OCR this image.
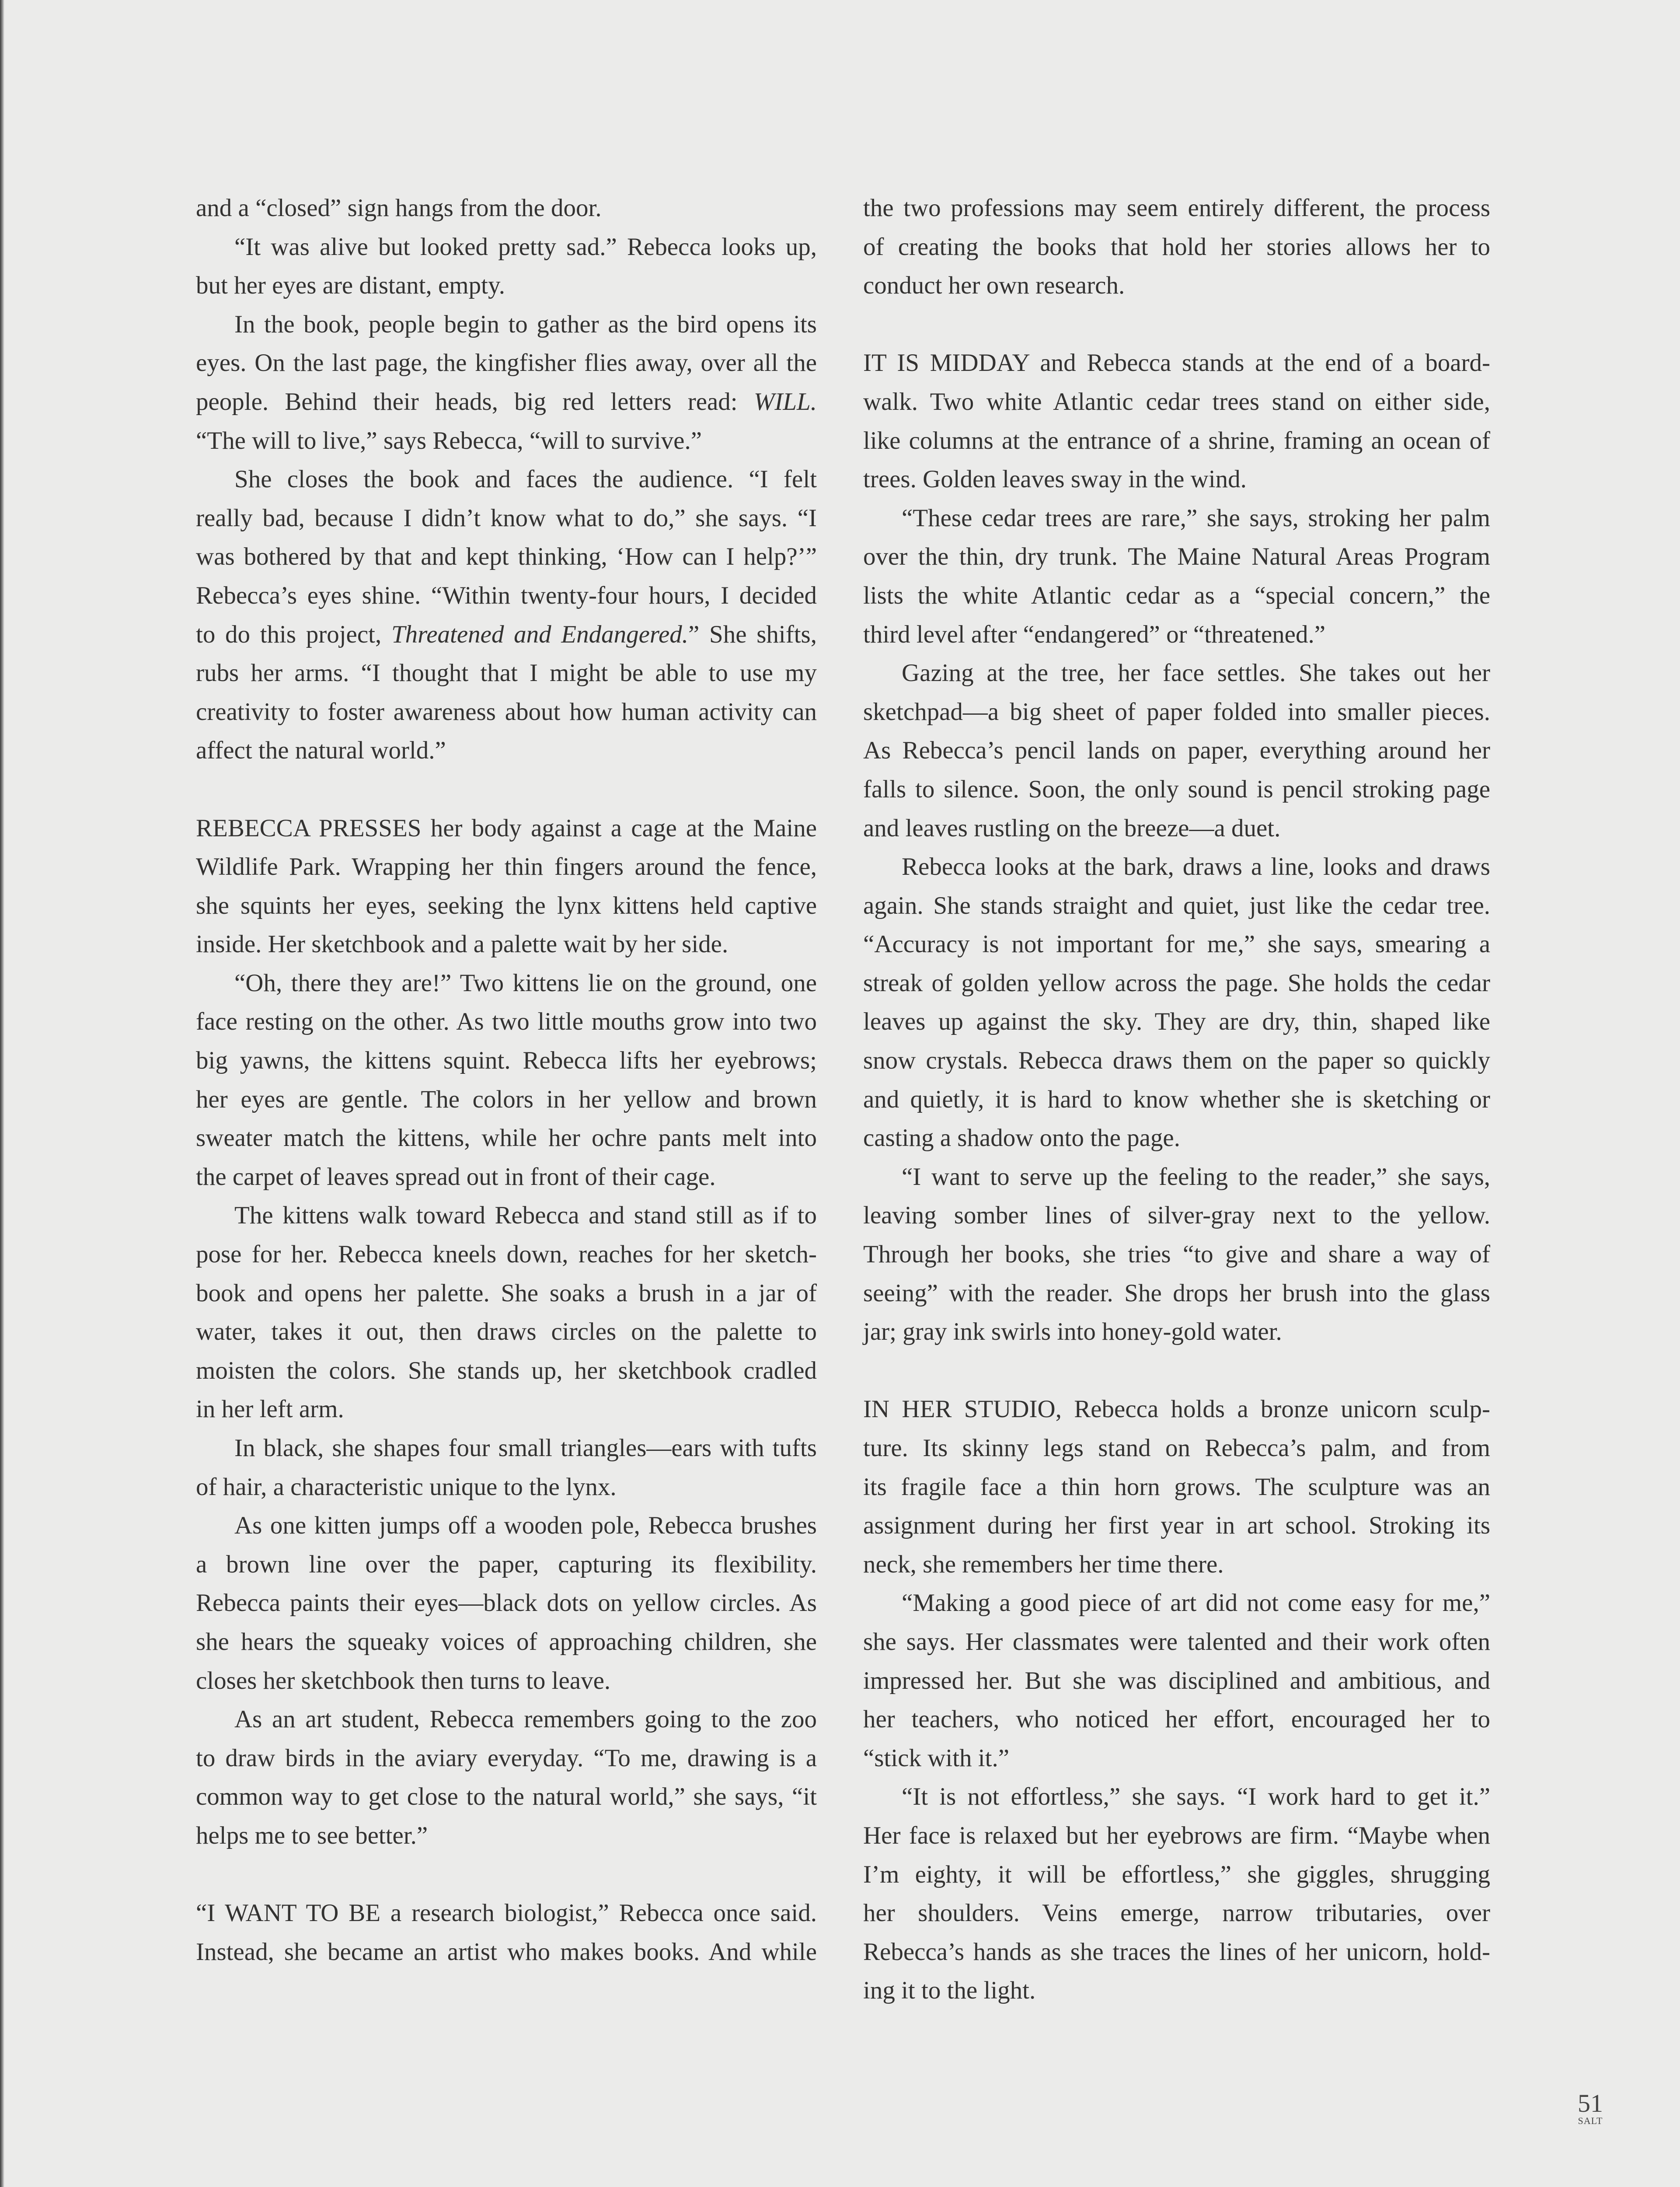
and a “closed” sign hangs from the door.
“It was alive but looked pretty sad.” Rebecca looks up,
but her eyes are distant, empty.
In the book, people begin to gather as the bird opens its
eyes. On the last page, the kingfisher flies away, over all the
people. Behind their heads, big red letters read: WILL.
“The will to live,” says Rebecca, “will to survive.”
She closes the book and faces the audience. “I felt
really bad, because I didn’t know what to do,” she says. “I
was bothered by that and kept thinking, ‘How can I help?’”
Rebecca’s eyes shine. “Within twenty-four hours, I decided
to do this project, Threatened and Endangered.” She shifts,
rubs her arms. “I thought that I might be able to use my
creativity to foster awareness about how human activity can
affect the natural world.”
REBECCA PRESSES her body against a cage at the Maine
Wildlife Park. Wrapping her thin fingers around the fence,
she squints her eyes, seeking the lynx kittens held captive
inside. Her sketchbook and a palette wait by her side.
“Oh, there they are!” Two kittens lie on the ground, one
face resting on the other. As two little mouths grow into two
big yawns, the kittens squint. Rebecca lifts her eyebrows;
her eyes are gentle. The colors in her yellow and brown
sweater match the kittens, while her ochre pants melt into
the carpet of leaves spread out in front of their cage.
The kittens walk toward Rebecca and stand still as if to
pose for her. Rebecca kneels down, reaches for her sketch-
book and opens her palette. She soaks a brush in a jar of
water, takes it out, then draws circles on the palette to
moisten the colors. She stands up, her sketchbook cradled
in her left arm.
In black, she shapes four small triangles—ears with tufts
of hair, a characteristic unique to the lynx.
As one kitten jumps off a wooden pole, Rebecca brushes
a brown line over the paper, capturing its flexibility.
Rebecca paints their eyes—black dots on yellow circles. As
she hears the squeaky voices of approaching children, she
closes her sketchbook then turns to leave.
As an art student, Rebecca remembers going to the zoo
to draw birds in the aviary everyday. “To me, drawing is a
common way to get close to the natural world,” she says, “it
helps me to see better.”
“I WANT TO BE a research biologist,” Rebecca once said.
Instead, she became an artist who makes books. And while
the two professions may seem entirely different, the process
of creating the books that hold her stories allows her to
conduct her own research.
IT IS MIDDAY and Rebecca stands at the end of a board-
walk. Two white Atlantic cedar trees stand on either side,
like columns at the entrance of a shrine, framing an ocean of
trees. Golden leaves sway in the wind.
“These cedar trees are rare,” she says, stroking her palm
over the thin, dry trunk. The Maine Natural Areas Program
lists the white Atlantic cedar as a “special concern,” the
third level after “endangered” or “threatened.”
Gazing at the tree, her face settles. She takes out her
sketchpad—a big sheet of paper folded into smaller pieces.
As Rebecca’s pencil lands on paper, everything around her
falls to silence. Soon, the only sound is pencil stroking page
and leaves rustling on the breeze—a duet.
Rebecca looks at the bark, draws a line, looks and draws
again. She stands straight and quiet, just like the cedar tree.
“Accuracy is not important for me,” she says, smearing a
streak of golden yellow across the page. She holds the cedar
leaves up against the sky. They are dry, thin, shaped like
snow crystals. Rebecca draws them on the paper so quickly
and quietly, it is hard to know whether she is sketching or
casting a shadow onto the page.
“I want to serve up the feeling to the reader,” she says,
leaving somber lines of silver-gray next to the yellow.
Through her books, she tries “to give and share a way of
seeing” with the reader. She drops her brush into the glass
jar; gray ink swirls into honey-gold water.
IN HER STUDIO, Rebecca holds a bronze unicorn sculp-
ture. Its skinny legs stand on Rebecca’s palm, and from
its fragile face a thin horn grows. The sculpture was an
assignment during her first year in art school. Stroking its
neck, she remembers her time there.
“Making a good piece of art did not come easy for me,”
she says. Her classmates were talented and their work often
impressed her. But she was disciplined and ambitious, and
her teachers, who noticed her effort, encouraged her to
“stick with it.”
“It is not effortless,” she says. “I work hard to get it.”
Her face is relaxed but her eyebrows are firm. “Maybe when
I’m eighty, it will be effortless,” she giggles, shrugging
her shoulders. Veins emerge, narrow tributaries, over
Rebecca’s hands as she traces the lines of her unicorn, hold-
ing it to the light.
51
SALT
